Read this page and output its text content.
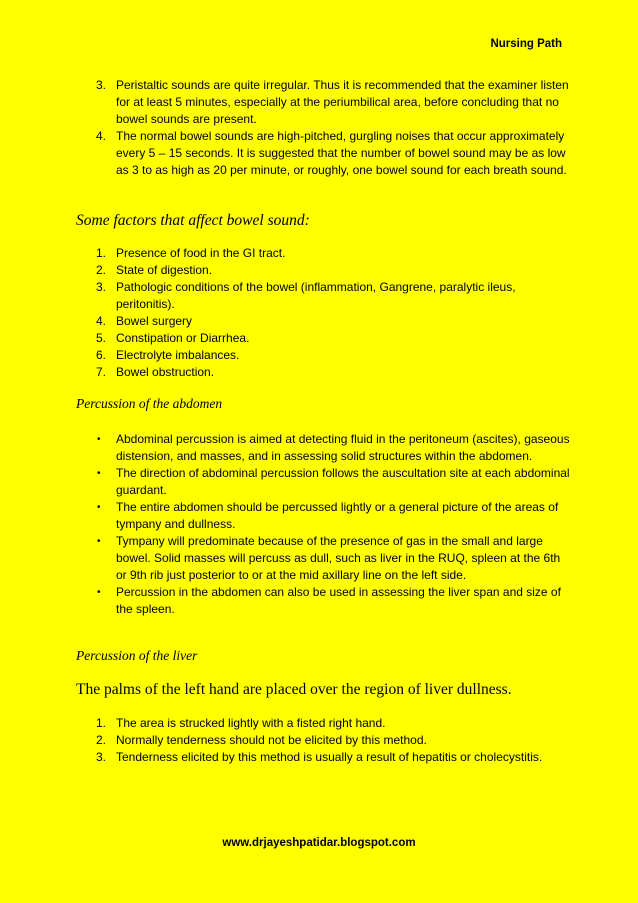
Nursing Path
3. Peristaltic sounds are quite irregular. Thus it is recommended that the examiner listen for at least 5 minutes, especially at the periumbilical area, before concluding that no bowel sounds are present.
4. The normal bowel sounds are high-pitched, gurgling noises that occur approximately every 5 – 15 seconds. It is suggested that the number of bowel sound may be as low as 3 to as high as 20 per minute, or roughly, one bowel sound for each breath sound.
Some factors that affect bowel sound:
1. Presence of food in the GI tract.
2. State of digestion.
3. Pathologic conditions of the bowel (inflammation, Gangrene, paralytic ileus, peritonitis).
4. Bowel surgery
5. Constipation or Diarrhea.
6. Electrolyte imbalances.
7. Bowel obstruction.
Percussion of the abdomen
• Abdominal percussion is aimed at detecting fluid in the peritoneum (ascites), gaseous distension, and masses, and in assessing solid structures within the abdomen.
• The direction of abdominal percussion follows the auscultation site at each abdominal guardant.
• The entire abdomen should be percussed lightly or a general picture of the areas of tympany and dullness.
• Tympany will predominate because of the presence of gas in the small and large bowel. Solid masses will percuss as dull, such as liver in the RUQ, spleen at the 6th or 9th rib just posterior to or at the mid axillary line on the left side.
• Percussion in the abdomen can also be used in assessing the liver span and size of the spleen.
Percussion of the liver
The palms of the left hand are placed over the region of liver dullness.
1. The area is strucked lightly with a fisted right hand.
2. Normally tenderness should not be elicited by this method.
3. Tenderness elicited by this method is usually a result of hepatitis or cholecystitis.
www.drjayeshpatidar.blogspot.com
